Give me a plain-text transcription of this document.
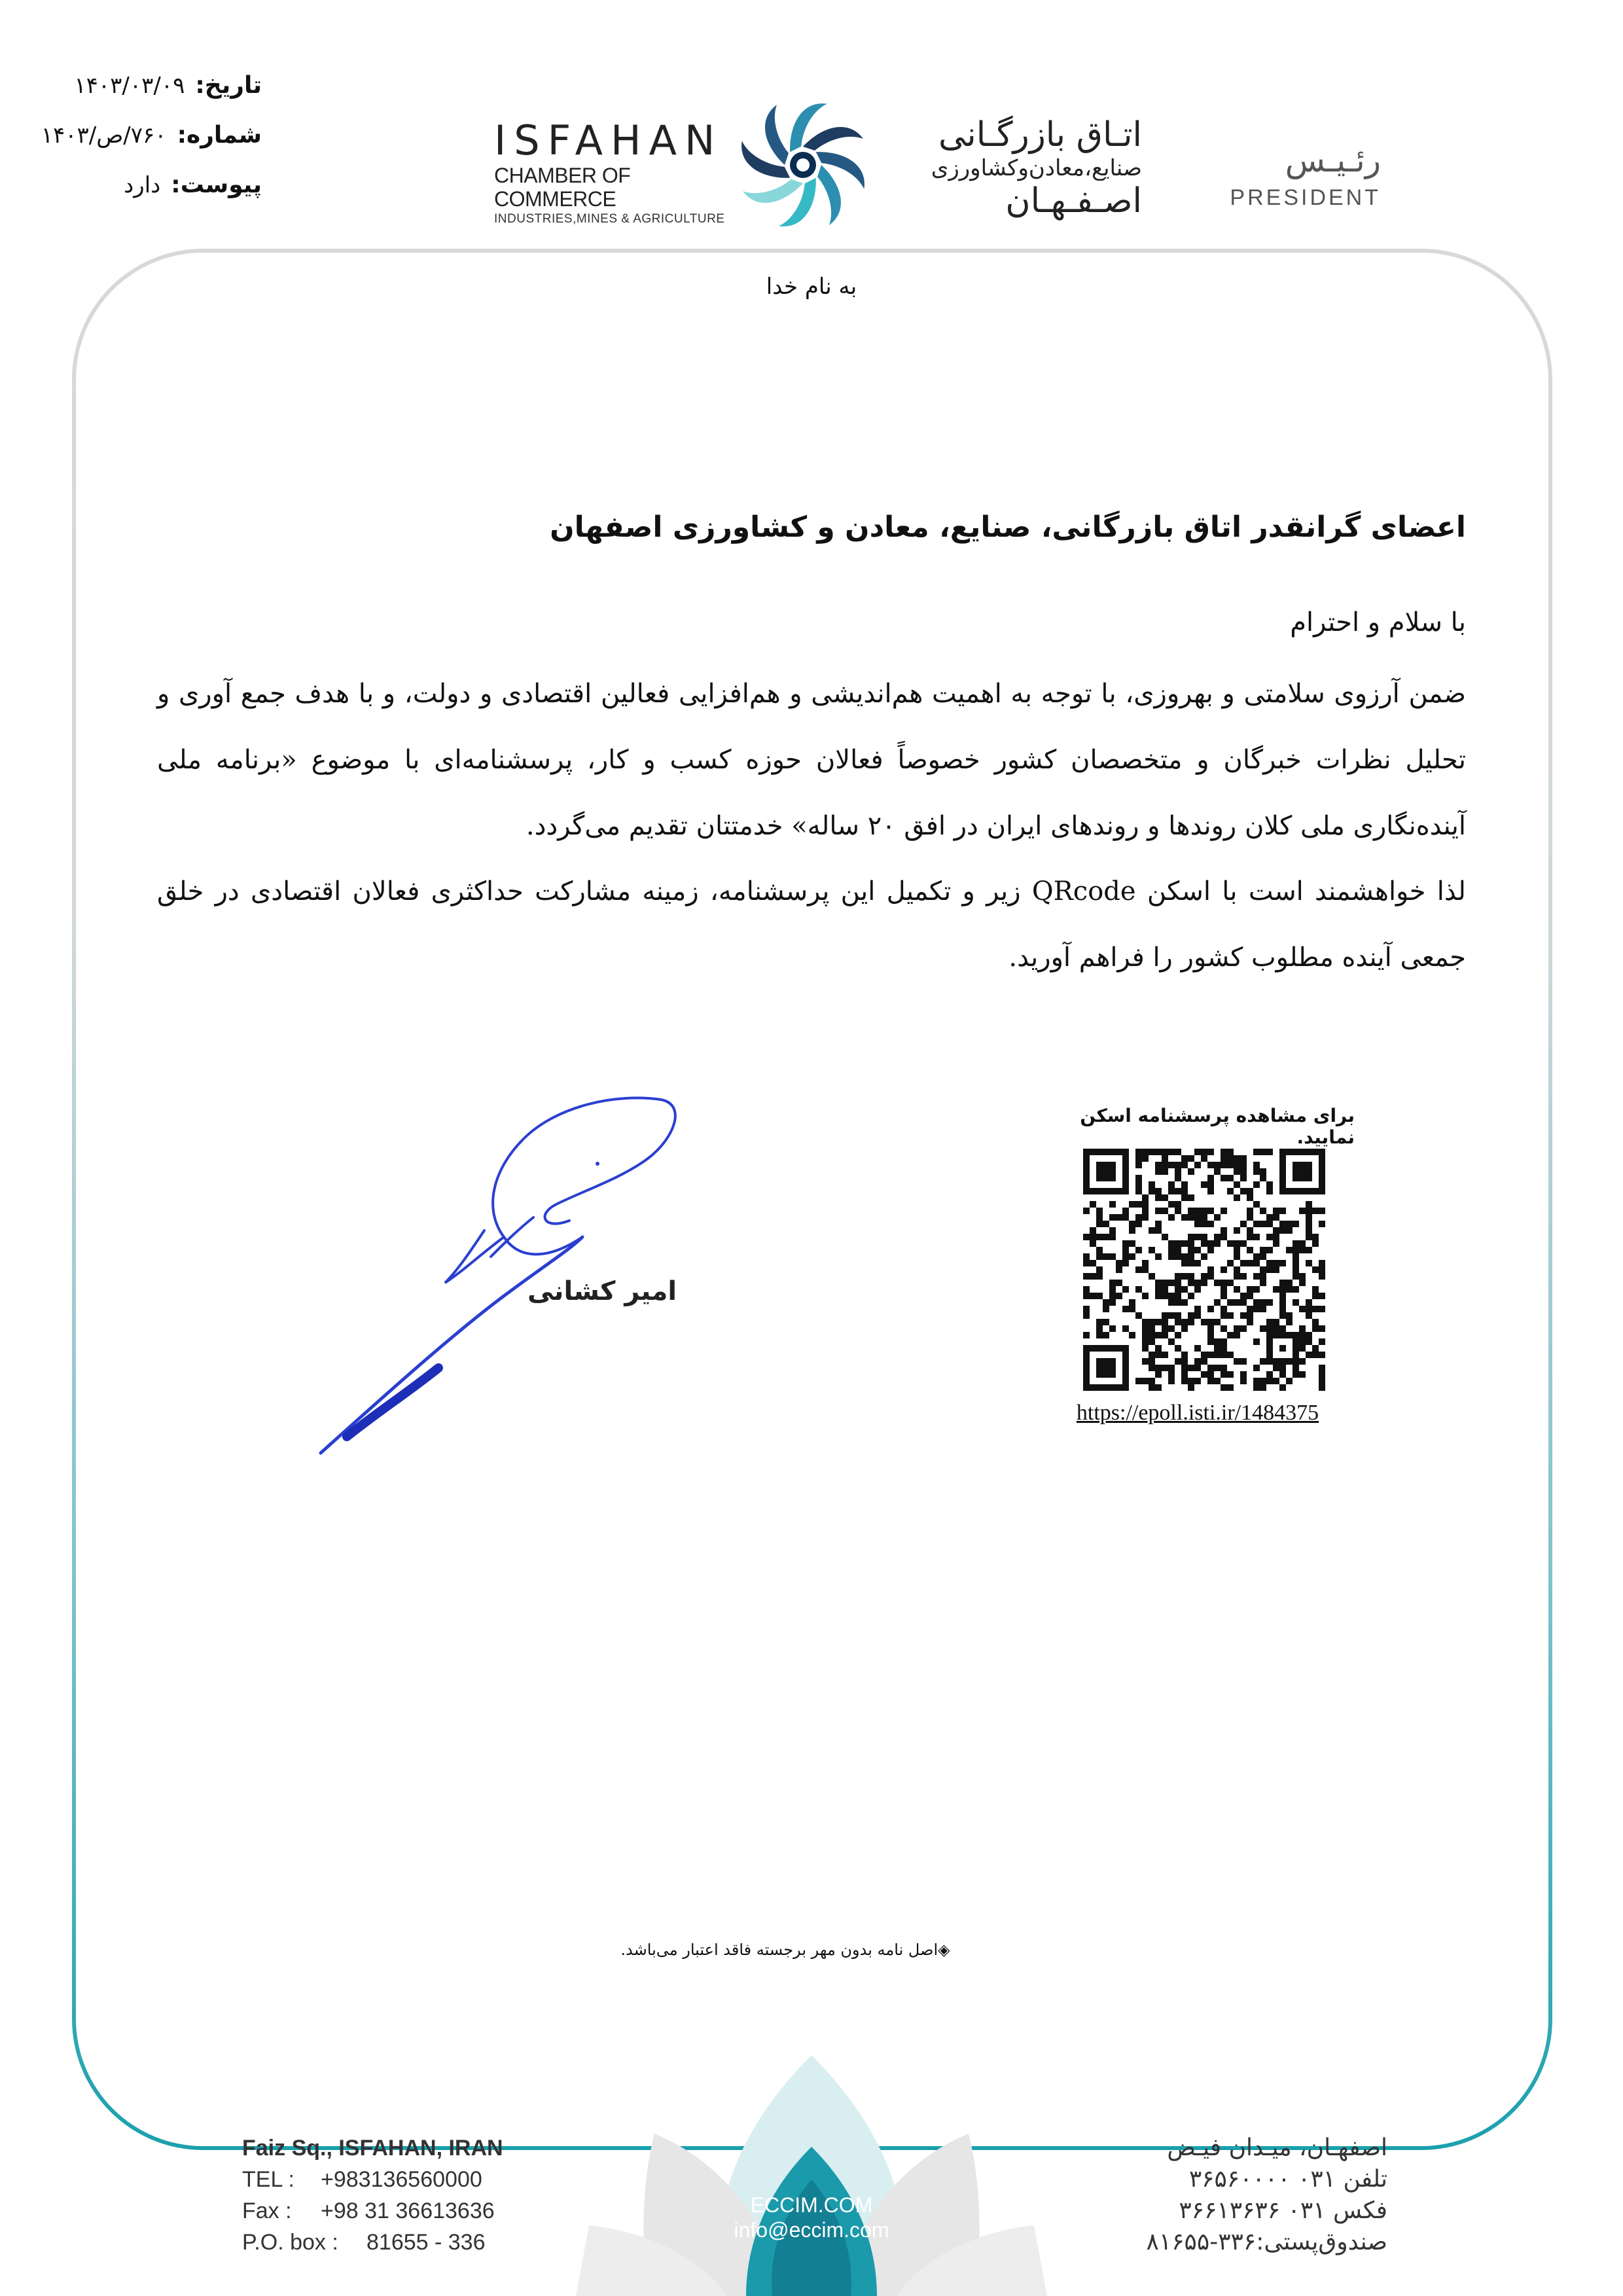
تاریخ:
۱۴۰۳/۰۳/۰۹
شماره:
۷۶۰/ص/۱۴۰۳
پیوست:
دارد
ISFAHAN
CHAMBER OF COMMERCE
INDUSTRIES,MINES & AGRICULTURE
اتـاق بازرگـانی
صنایع،معادن‌و‌کشاورزی
اصـفـهـان
رئـیـس
PRESIDENT
به نام خدا
اعضای گرانقدر اتاق بازرگانی، صنایع، معادن و کشاورزی اصفهان
با سلام و احترام
ضمن آرزوی سلامتی و بهروزی، با توجه به اهمیت هم‌اندیشی و هم‌افزایی فعالین اقتصادی و دولت، و با هدف جمع آوری و تحلیل نظرات خبرگان و متخصصان کشور خصوصاً فعالان حوزه کسب و کار، پرسشنامه‌ای با موضوع «برنامه ملی آینده‌نگاری ملی کلان روندها و روندهای ایران در افق ۲۰ ساله» خدمتتان تقدیم می‌گردد.
لذا خواهشمند است با اسکن QRcode زیر و تکمیل این پرسشنامه، زمینه مشارکت حداکثری فعالان اقتصادی در خلق جمعی آینده مطلوب کشور را فراهم آورید.
برای مشاهده پرسشنامه اسکن نمایید.
https://epoll.isti.ir/1484375
امیر کشانی
◈اصل نامه بدون مهر برجسته فاقد اعتبار می‌باشد.
ECCIM.COM
info@eccim.com
Faiz Sq., ISFAHAN, IRAN
TEL :	+983136560000
Fax :	+98 31 36613636
P.O. box :	81655 - 336
اصفهـان، میـدان فیـض
تلفن ۰۳۱ ۳۶۵۶۰۰۰۰
فکس ۰۳۱ ۳۶۶۱۳۶۳۶
صندوق‌پستی:۳۳۶-۸۱۶۵۵
